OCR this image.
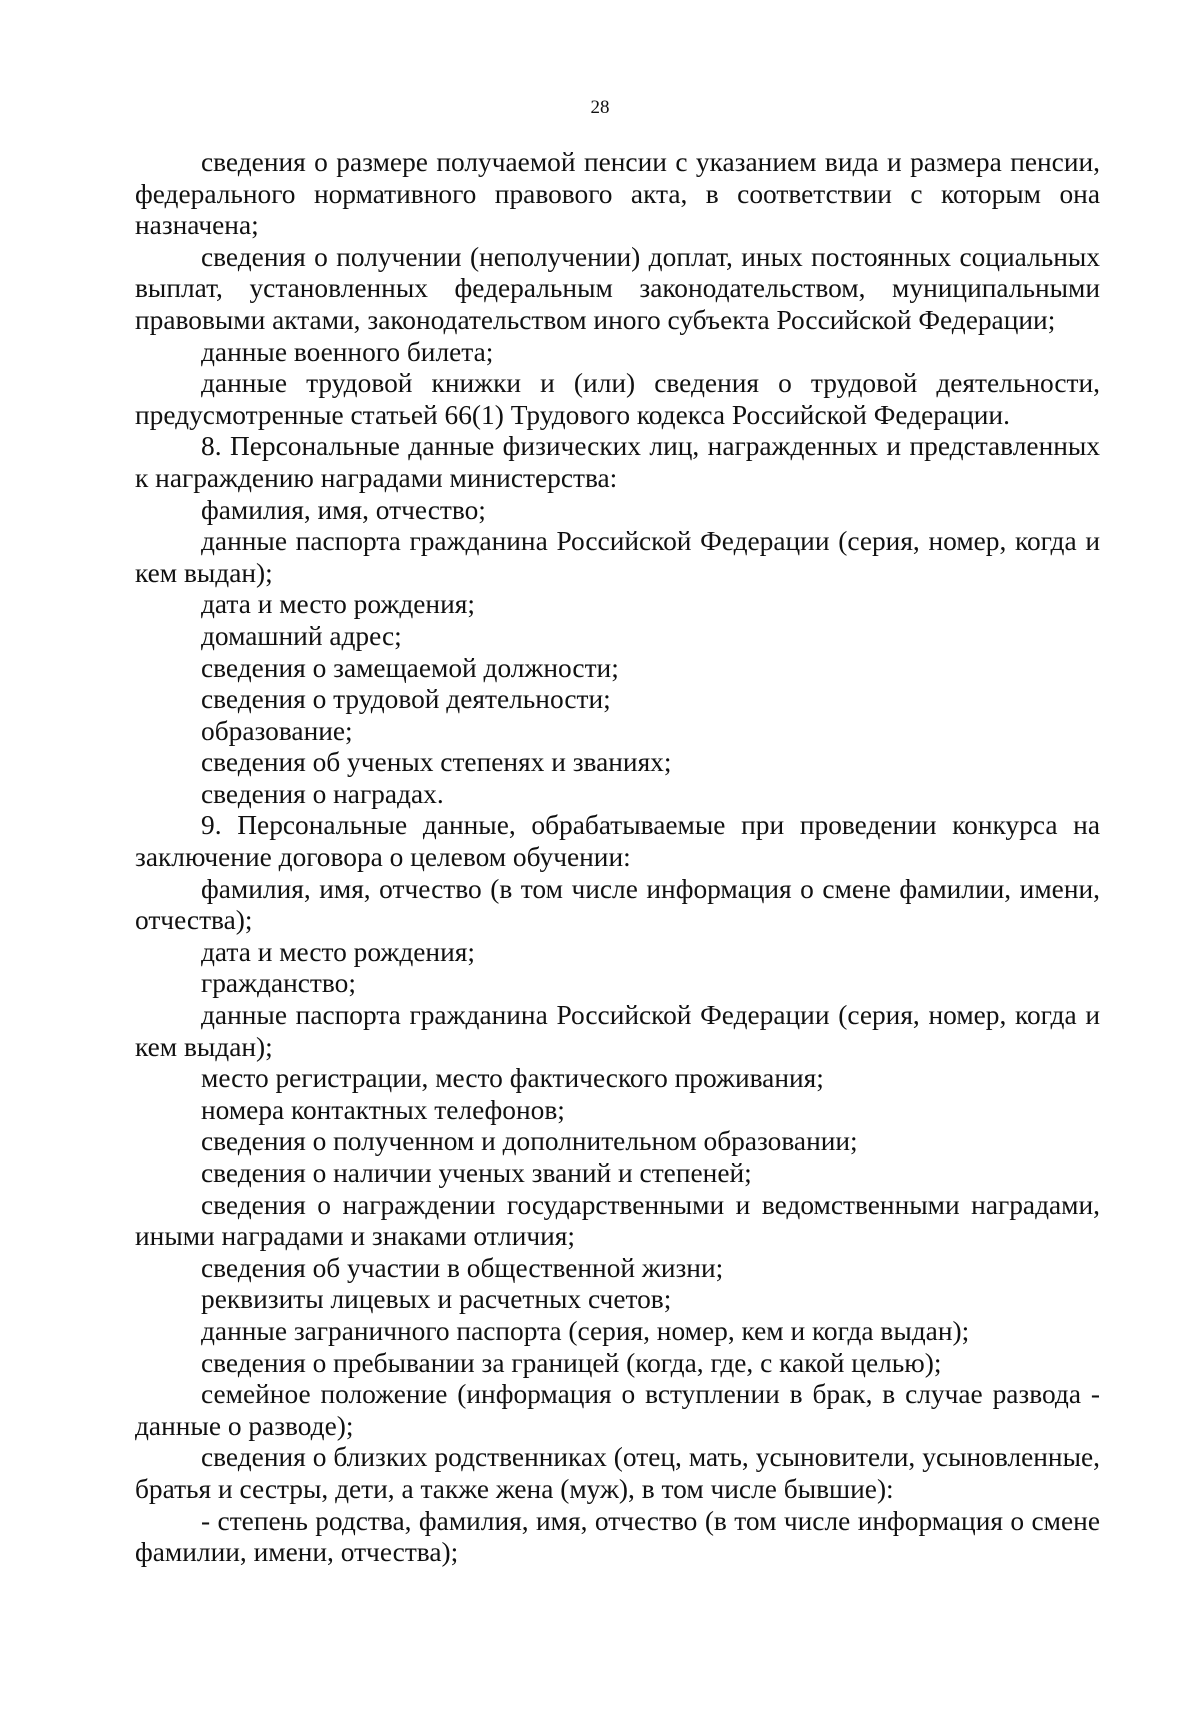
28

сведения о размере получаемой пенсии с указанием вида и размера пенсии, федерального нормативного правового акта, в соответствии с которым она назначена;

сведения о получении (неполучении) доплат, иных постоянных социальных выплат, установленных федеральным законодательством, муниципальными правовыми актами, законодательством иного субъекта Российской Федерации;

данные военного билета;

данные трудовой книжки и (или) сведения о трудовой деятельности, предусмотренные статьей 66(1) Трудового кодекса Российской Федерации.

8. Персональные данные физических лиц, награжденных и представленных к награждению наградами министерства:

фамилия, имя, отчество;

данные паспорта гражданина Российской Федерации (серия, номер, когда и кем выдан);

дата и место рождения;

домашний адрес;

сведения о замещаемой должности;

сведения о трудовой деятельности;

образование;

сведения об ученых степенях и званиях;

сведения о наградах.

9. Персональные данные, обрабатываемые при проведении конкурса на заключение договора о целевом обучении:

фамилия, имя, отчество (в том числе информация о смене фамилии, имени, отчества);

дата и место рождения;

гражданство;

данные паспорта гражданина Российской Федерации (серия, номер, когда и кем выдан);

место регистрации, место фактического проживания;

номера контактных телефонов;

сведения о полученном и дополнительном образовании;

сведения о наличии ученых званий и степеней;

сведения о награждении государственными и ведомственными наградами, иными наградами и знаками отличия;

сведения об участии в общественной жизни;

реквизиты лицевых и расчетных счетов;

данные заграничного паспорта (серия, номер, кем и когда выдан);

сведения о пребывании за границей (когда, где, с какой целью);

семейное положение (информация о вступлении в брак, в случае развода - данные о разводе);

сведения о близких родственниках (отец, мать, усыновители, усыновленные, братья и сестры, дети, а также жена (муж), в том числе бывшие):

- степень родства, фамилия, имя, отчество (в том числе информация о смене фамилии, имени, отчества);
